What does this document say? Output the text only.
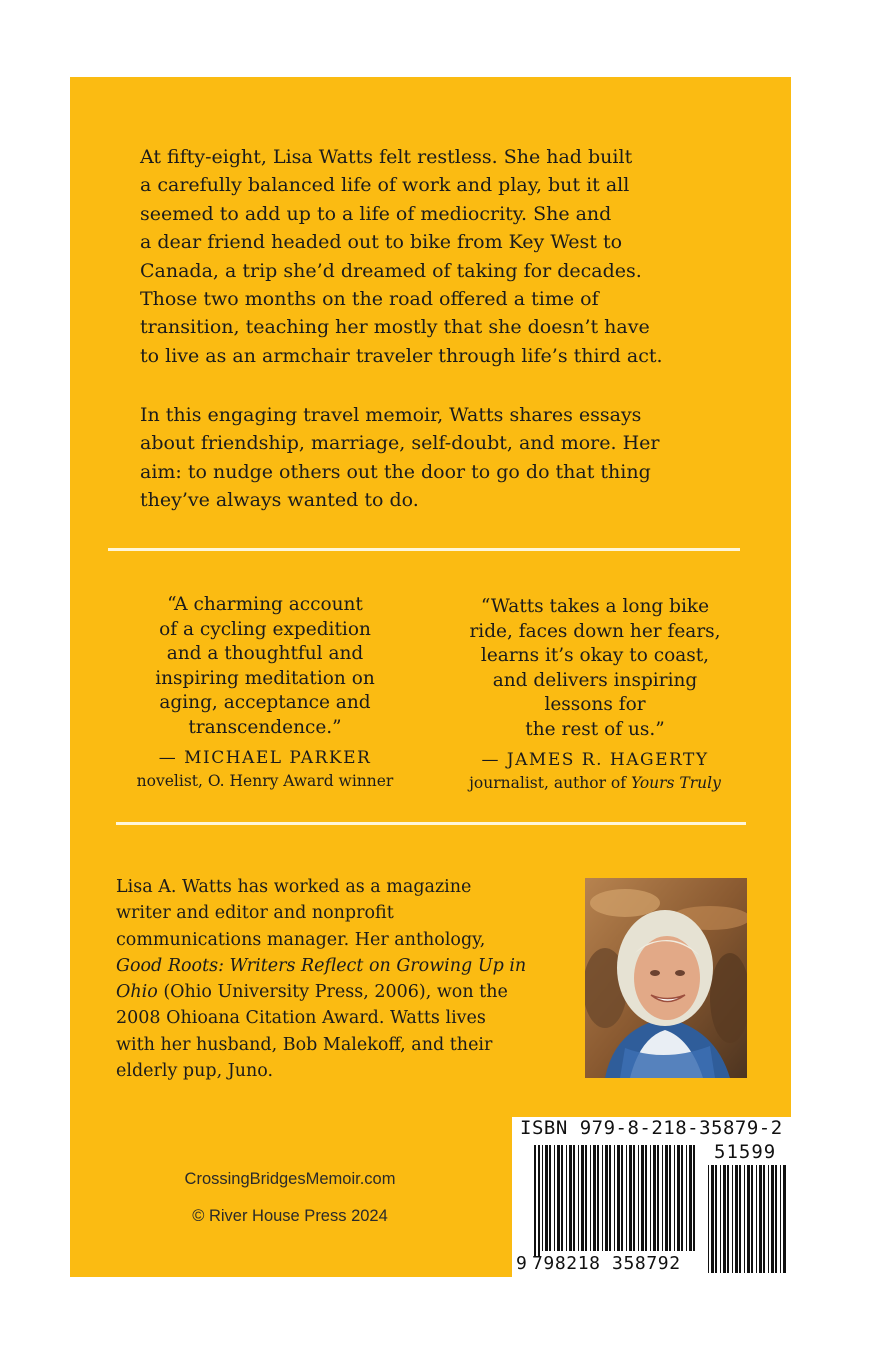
At fifty-eight, Lisa Watts felt restless. She had built
a carefully balanced life of work and play, but it all
seemed to add up to a life of mediocrity. She and
a dear friend headed out to bike from Key West to
Canada, a trip she’d dreamed of taking for decades.
Those two months on the road offered a time of
transition, teaching her mostly that she doesn’t have
to live as an armchair traveler through life’s third act.
In this engaging travel memoir, Watts shares essays
about friendship, marriage, self-doubt, and more. Her
aim: to nudge others out the door to go do that thing
they’ve always wanted to do.
“A charming account
of a cycling expedition
and a thoughtful and
inspiring meditation on
aging, acceptance and
transcendence.”
— MICHAEL PARKER
novelist, O. Henry Award winner
“Watts takes a long bike
ride, faces down her fears,
learns it’s okay to coast,
and delivers inspiring
lessons for
the rest of us.”
— JAMES R. HAGERTY
journalist, author of Yours Truly
Lisa A. Watts has worked as a magazine
writer and editor and nonprofit
communications manager. Her anthology,
Good Roots: Writers Reflect on Growing Up in
Ohio (Ohio University Press, 2006), won the
2008 Ohioana Citation Award. Watts lives
with her husband, Bob Malekoff, and their
elderly pup, Juno.
CrossingBridgesMemoir.com
© River House Press 2024
ISBN 979-8-218-35879-2
51599
9 798218 358792
